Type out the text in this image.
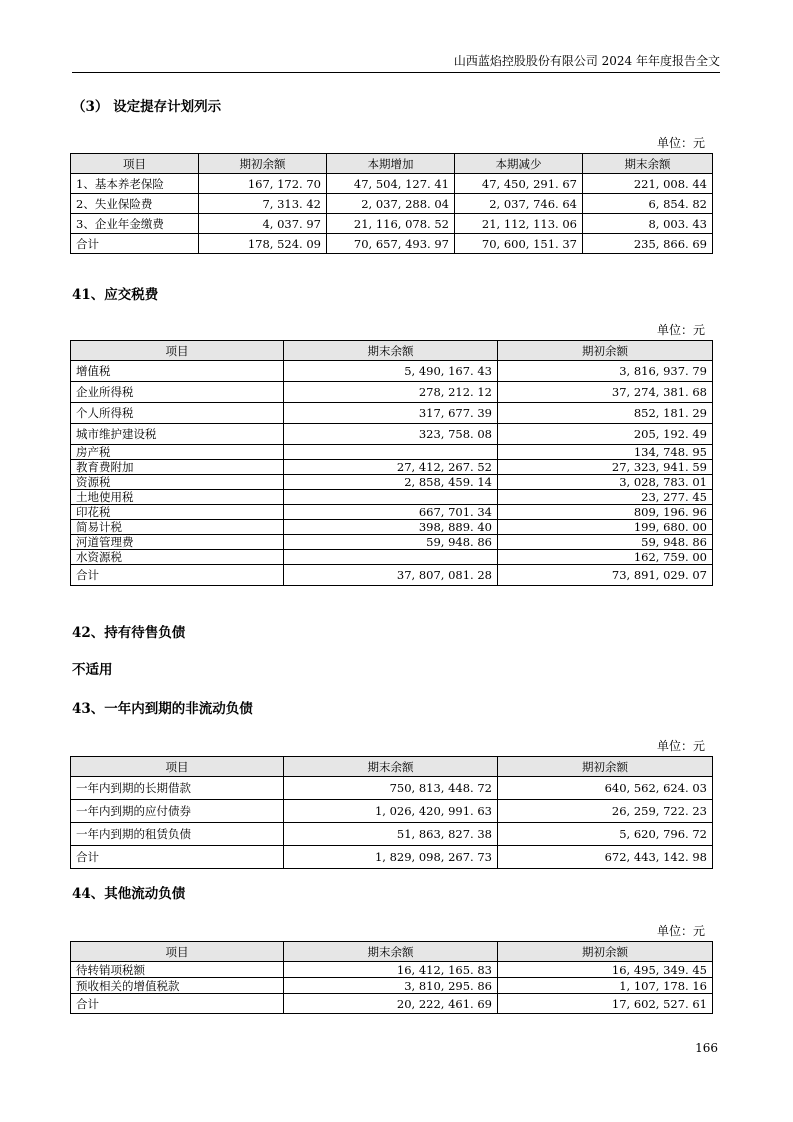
山西蓝焰控股股份有限公司 2024 年年度报告全文
（3） 设定提存计划列示
单位：元
项目	期初余额	本期增加	本期减少	期末余额
1、基本养老保险	167, 172. 70	47, 504, 127. 41	47, 450, 291. 67	221, 008. 44
2、失业保险费	7, 313. 42	2, 037, 288. 04	2, 037, 746. 64	6, 854. 82
3、企业年金缴费	4, 037. 97	21, 116, 078. 52	21, 112, 113. 06	8, 003. 43
合计	178, 524. 09	70, 657, 493. 97	70, 600, 151. 37	235, 866. 69
41、应交税费
单位：元
项目	期末余额	期初余额
增值税	5, 490, 167. 43	3, 816, 937. 79
企业所得税	278, 212. 12	37, 274, 381. 68
个人所得税	317, 677. 39	852, 181. 29
城市维护建设税	323, 758. 08	205, 192. 49
房产税		134, 748. 95
教育费附加	27, 412, 267. 52	27, 323, 941. 59
资源税	2, 858, 459. 14	3, 028, 783. 01
土地使用税		23, 277. 45
印花税	667, 701. 34	809, 196. 96
简易计税	398, 889. 40	199, 680. 00
河道管理费	59, 948. 86	59, 948. 86
水资源税		162, 759. 00
合计	37, 807, 081. 28	73, 891, 029. 07
42、持有待售负债
不适用
43、一年内到期的非流动负债
单位：元
项目	期末余额	期初余额
一年内到期的长期借款	750, 813, 448. 72	640, 562, 624. 03
一年内到期的应付债券	1, 026, 420, 991. 63	26, 259, 722. 23
一年内到期的租赁负债	51, 863, 827. 38	5, 620, 796. 72
合计	1, 829, 098, 267. 73	672, 443, 142. 98
44、其他流动负债
单位：元
项目	期末余额	期初余额
待转销项税额	16, 412, 165. 83	16, 495, 349. 45
预收相关的增值税款	3, 810, 295. 86	1, 107, 178. 16
合计	20, 222, 461. 69	17, 602, 527. 61
166
